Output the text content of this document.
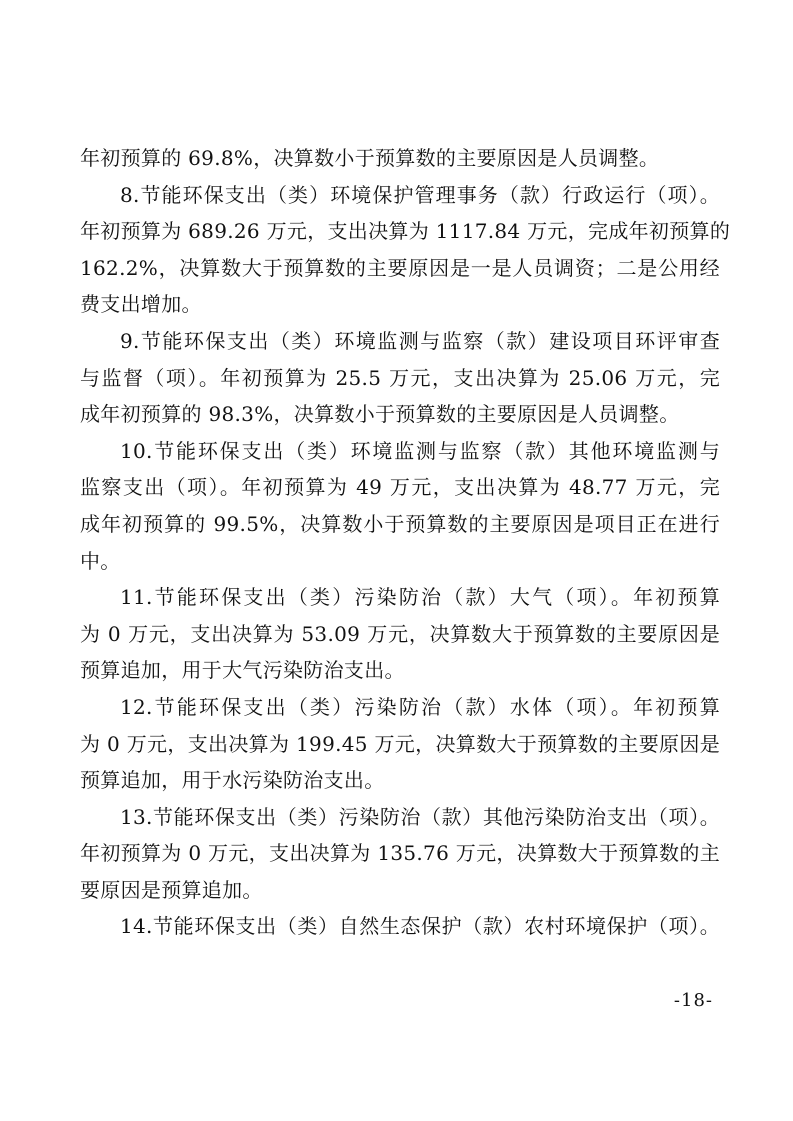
年初预算的 69.8%，决算数小于预算数的主要原因是人员调整。
8.节能环保支出（类）环境保护管理事务（款）行政运行（项）。
年初预算为 689.26 万元，支出决算为 1117.84 万元，完成年初预算的
162.2%，决算数大于预算数的主要原因是一是人员调资；二是公用经
费支出增加。
9.节能环保支出（类）环境监测与监察（款）建设项目环评审查
与监督（项）。年初预算为 25.5 万元，支出决算为 25.06 万元，完
成年初预算的 98.3%，决算数小于预算数的主要原因是人员调整。
10.节能环保支出（类）环境监测与监察（款）其他环境监测与
监察支出（项）。年初预算为 49 万元，支出决算为 48.77 万元，完
成年初预算的 99.5%，决算数小于预算数的主要原因是项目正在进行
中。
11.节能环保支出（类）污染防治（款）大气（项）。年初预算
为 0 万元，支出决算为 53.09 万元，决算数大于预算数的主要原因是
预算追加，用于大气污染防治支出。
12.节能环保支出（类）污染防治（款）水体（项）。年初预算
为 0 万元，支出决算为 199.45 万元，决算数大于预算数的主要原因是
预算追加，用于水污染防治支出。
13.节能环保支出（类）污染防治（款）其他污染防治支出（项）。
年初预算为 0 万元，支出决算为 135.76 万元，决算数大于预算数的主
要原因是预算追加。
14.节能环保支出（类）自然生态保护（款）农村环境保护（项）。
-18-
